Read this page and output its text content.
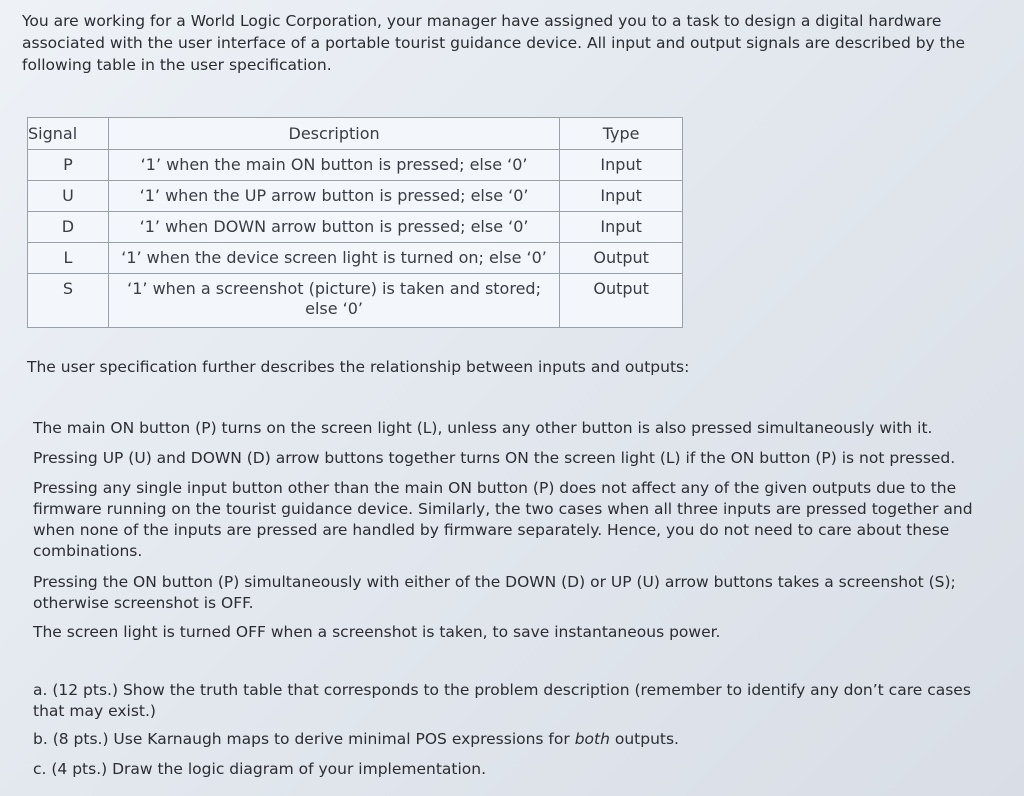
You are working for a World Logic Corporation, your manager have assigned you to a task to design a digital hardware associated with the user interface of a portable tourist guidance device. All input and output signals are described by the following table in the user specification.
Signal	Description	Type
P	‘1’ when the main ON button is pressed; else ‘0’	Input
U	‘1’ when the UP arrow button is pressed; else ‘0’	Input
D	‘1’ when DOWN arrow button is pressed; else ‘0’	Input
L	‘1’ when the device screen light is turned on; else ‘0’	Output
S	‘1’ when a screenshot (picture) is taken and stored; else ‘0’	Output
The user specification further describes the relationship between inputs and outputs:
The main ON button (P) turns on the screen light (L), unless any other button is also pressed simultaneously with it.
Pressing UP (U) and DOWN (D) arrow buttons together turns ON the screen light (L) if the ON button (P) is not pressed.
Pressing any single input button other than the main ON button (P) does not affect any of the given outputs due to the firmware running on the tourist guidance device. Similarly, the two cases when all three inputs are pressed together and when none of the inputs are pressed are handled by firmware separately. Hence, you do not need to care about these combinations.
Pressing the ON button (P) simultaneously with either of the DOWN (D) or UP (U) arrow buttons takes a screenshot (S); otherwise screenshot is OFF.
The screen light is turned OFF when a screenshot is taken, to save instantaneous power.
a. (12 pts.) Show the truth table that corresponds to the problem description (remember to identify any don’t care cases that may exist.)
b. (8 pts.) Use Karnaugh maps to derive minimal POS expressions for both outputs.
c. (4 pts.) Draw the logic diagram of your implementation.
